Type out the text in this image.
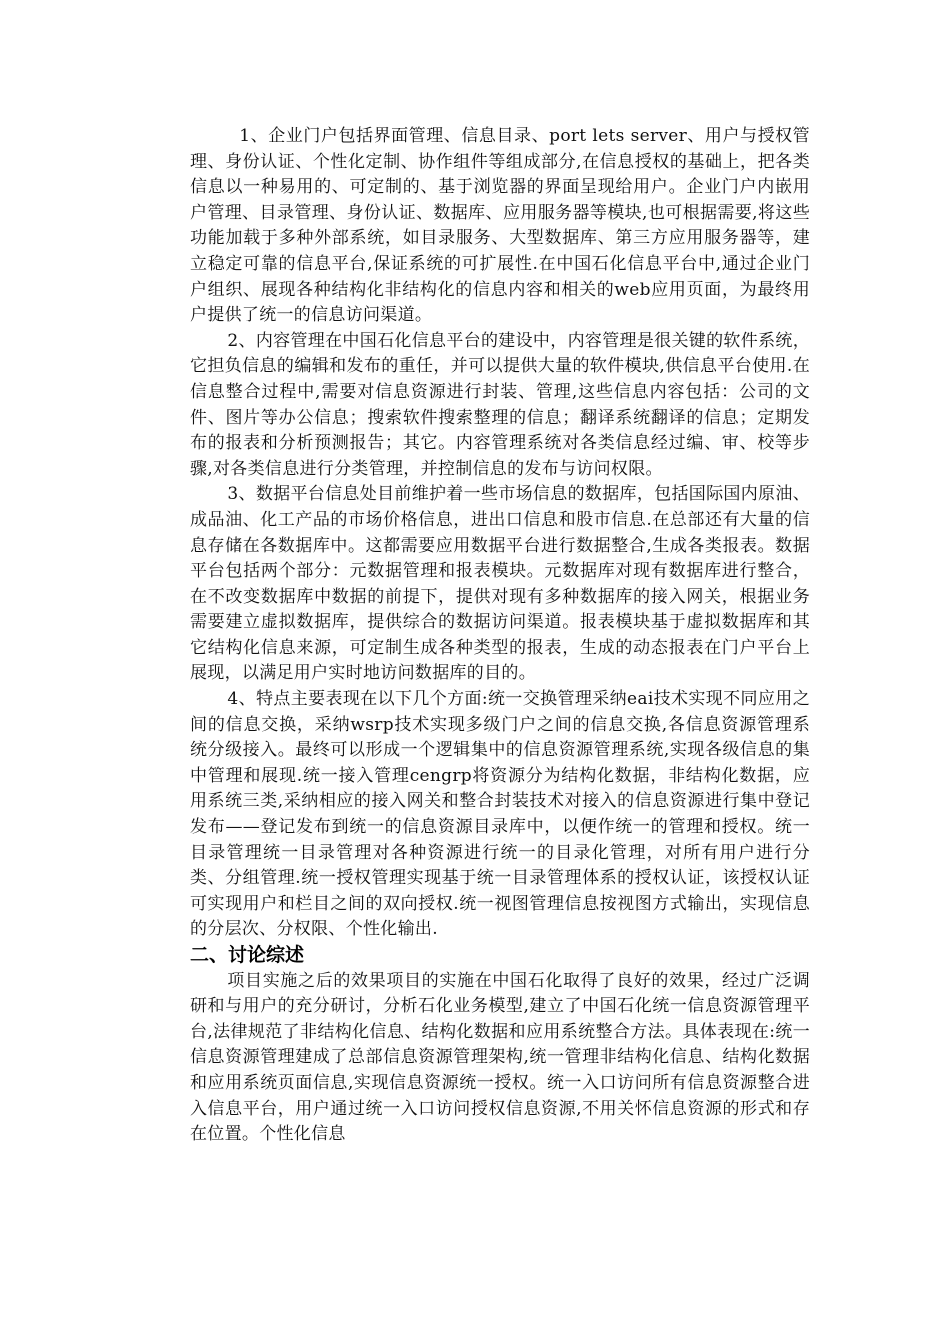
1、企业门户包括界面管理、信息目录、port lets server、用户与授权管理、身份认证、个性化定制、协作组件等组成部分,在信息授权的基础上，把各类信息以一种易用的、可定制的、基于浏览器的界面呈现给用户。企业门户内嵌用户管理、目录管理、身份认证、数据库、应用服务器等模块,也可根据需要,将这些功能加载于多种外部系统，如目录服务、大型数据库、第三方应用服务器等，建立稳定可靠的信息平台,保证系统的可扩展性.在中国石化信息平台中,通过企业门户组织、展现各种结构化非结构化的信息内容和相关的web应用页面，为最终用户提供了统一的信息访问渠道。

2、内容管理在中国石化信息平台的建设中，内容管理是很关键的软件系统，它担负信息的编辑和发布的重任，并可以提供大量的软件模块,供信息平台使用.在信息整合过程中,需要对信息资源进行封装、管理,这些信息内容包括：公司的文件、图片等办公信息；搜索软件搜索整理的信息；翻译系统翻译的信息；定期发布的报表和分析预测报告；其它。内容管理系统对各类信息经过编、审、校等步骤,对各类信息进行分类管理，并控制信息的发布与访问权限。

3、数据平台信息处目前维护着一些市场信息的数据库，包括国际国内原油、成品油、化工产品的市场价格信息，进出口信息和股市信息.在总部还有大量的信息存储在各数据库中。这都需要应用数据平台进行数据整合,生成各类报表。数据平台包括两个部分：元数据管理和报表模块。元数据库对现有数据库进行整合，在不改变数据库中数据的前提下，提供对现有多种数据库的接入网关，根据业务需要建立虚拟数据库，提供综合的数据访问渠道。报表模块基于虚拟数据库和其它结构化信息来源，可定制生成各种类型的报表，生成的动态报表在门户平台上展现，以满足用户实时地访问数据库的目的。

4、特点主要表现在以下几个方面:统一交换管理采纳eai技术实现不同应用之间的信息交换，采纳wsrp技术实现多级门户之间的信息交换,各信息资源管理系统分级接入。最终可以形成一个逻辑集中的信息资源管理系统,实现各级信息的集中管理和展现.统一接入管理cengrp将资源分为结构化数据，非结构化数据，应用系统三类,采纳相应的接入网关和整合封装技术对接入的信息资源进行集中登记发布——登记发布到统一的信息资源目录库中，以便作统一的管理和授权。统一目录管理统一目录管理对各种资源进行统一的目录化管理，对所有用户进行分类、分组管理.统一授权管理实现基于统一目录管理体系的授权认证，该授权认证可实现用户和栏目之间的双向授权.统一视图管理信息按视图方式输出，实现信息的分层次、分权限、个性化输出.

二、讨论综述

项目实施之后的效果项目的实施在中国石化取得了良好的效果，经过广泛调研和与用户的充分研讨，分析石化业务模型,建立了中国石化统一信息资源管理平台,法律规范了非结构化信息、结构化数据和应用系统整合方法。具体表现在:统一信息资源管理建成了总部信息资源管理架构,统一管理非结构化信息、结构化数据和应用系统页面信息,实现信息资源统一授权。统一入口访问所有信息资源整合进入信息平台，用户通过统一入口访问授权信息资源,不用关怀信息资源的形式和存在位置。个性化信息
